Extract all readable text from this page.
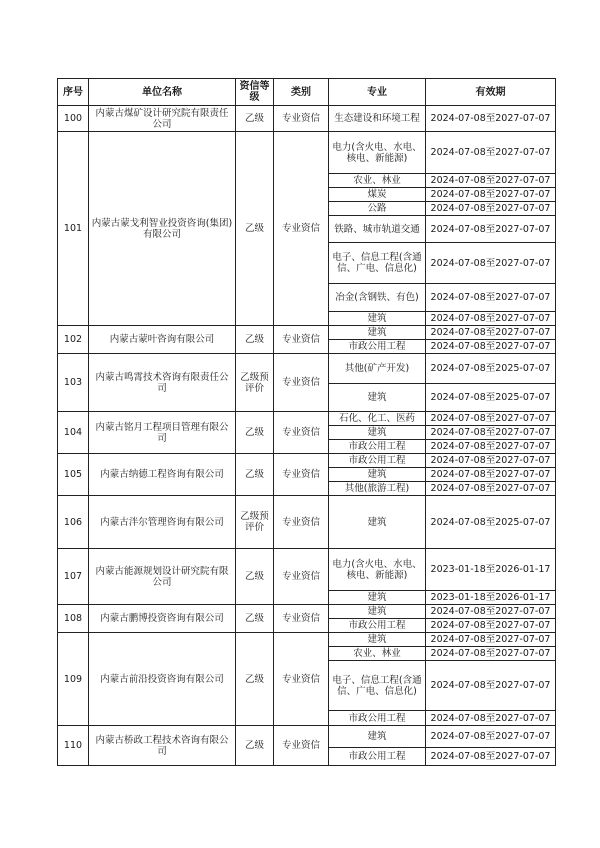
序号	单位名称	资信等级	类别	专业	有效期
100	内蒙古煤矿设计研究院有限责任公司	乙级	专业资信	生态建设和环境工程	2024-07-08至2027-07-07
101	内蒙古蒙戈利智业投资咨询(集团)有限公司	乙级	专业资信	电力(含火电、水电、核电、新能源)	2024-07-08至2027-07-07
				农业、林业	2024-07-08至2027-07-07
				煤炭	2024-07-08至2027-07-07
				公路	2024-07-08至2027-07-07
				铁路、城市轨道交通	2024-07-08至2027-07-07
				电子、信息工程(含通信、广电、信息化)	2024-07-08至2027-07-07
				冶金(含钢铁、有色)	2024-07-08至2027-07-07
				建筑	2024-07-08至2027-07-07
102	内蒙古蒙叶咨询有限公司	乙级	专业资信	建筑	2024-07-08至2027-07-07
				市政公用工程	2024-07-08至2027-07-07
103	内蒙古鸣霄技术咨询有限责任公司	乙级预评价	专业资信	其他(矿产开发)	2024-07-08至2025-07-07
				建筑	2024-07-08至2025-07-07
104	内蒙古铭月工程项目管理有限公司	乙级	专业资信	石化、化工、医药	2024-07-08至2027-07-07
				建筑	2024-07-08至2027-07-07
				市政公用工程	2024-07-08至2027-07-07
105	内蒙古纳德工程咨询有限公司	乙级	专业资信	市政公用工程	2024-07-08至2027-07-07
				建筑	2024-07-08至2027-07-07
				其他(旅游工程)	2024-07-08至2027-07-07
106	内蒙古泮尔管理咨询有限公司	乙级预评价	专业资信	建筑	2024-07-08至2025-07-07
107	内蒙古能源规划设计研究院有限公司	乙级	专业资信	电力(含火电、水电、核电、新能源)	2023-01-18至2026-01-17
				建筑	2023-01-18至2026-01-17
108	内蒙古鹏博投资咨询有限公司	乙级	专业资信	建筑	2024-07-08至2027-07-07
				市政公用工程	2024-07-08至2027-07-07
109	内蒙古前沿投资咨询有限公司	乙级	专业资信	建筑	2024-07-08至2027-07-07
				农业、林业	2024-07-08至2027-07-07
				电子、信息工程(含通信、广电、信息化)	2024-07-08至2027-07-07
				市政公用工程	2024-07-08至2027-07-07
110	内蒙古桥政工程技术咨询有限公司	乙级	专业资信	建筑	2024-07-08至2027-07-07
				市政公用工程	2024-07-08至2027-07-07
